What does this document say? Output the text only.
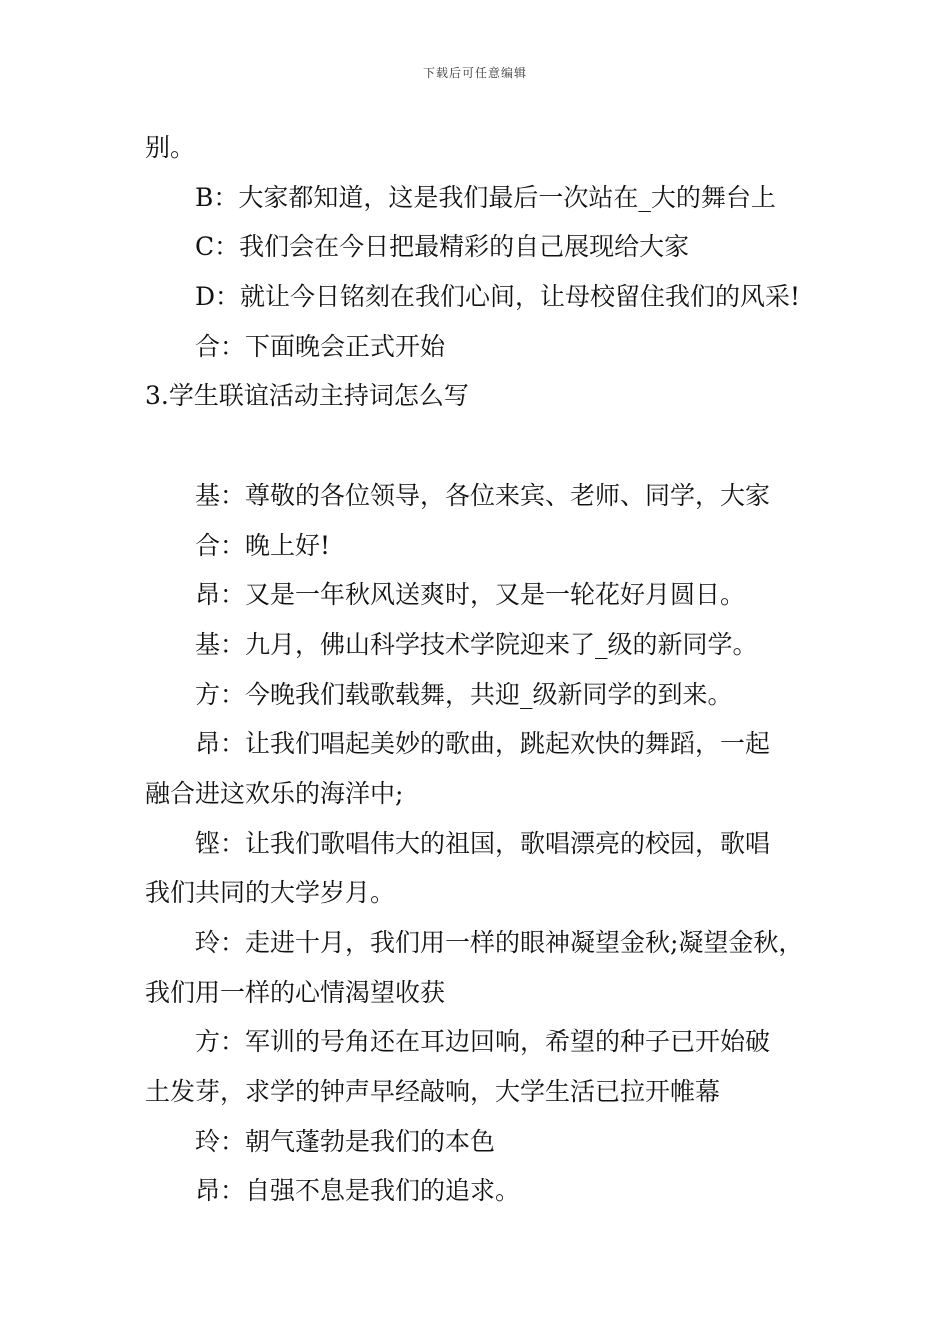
下载后可任意编辑
别。
B：大家都知道，这是我们最后一次站在_大的舞台上
C：我们会在今日把最精彩的自己展现给大家
D：就让今日铭刻在我们心间，让母校留住我们的风采!
合：下面晚会正式开始
3.学生联谊活动主持词怎么写
基：尊敬的各位领导，各位来宾、老师、同学，大家
合：晚上好!
昂：又是一年秋风送爽时，又是一轮花好月圆日。
基：九月，佛山科学技术学院迎来了_级的新同学。
方：今晚我们载歌载舞，共迎_级新同学的到来。
昂：让我们唱起美妙的歌曲，跳起欢快的舞蹈，一起
融合进这欢乐的海洋中;
铿：让我们歌唱伟大的祖国，歌唱漂亮的校园，歌唱
我们共同的大学岁月。
玲：走进十月，我们用一样的眼神凝望金秋;凝望金秋，
我们用一样的心情渴望收获
方：军训的号角还在耳边回响，希望的种子已开始破
土发芽，求学的钟声早经敲响，大学生活已拉开帷幕
玲：朝气蓬勃是我们的本色
昂：自强不息是我们的追求。
